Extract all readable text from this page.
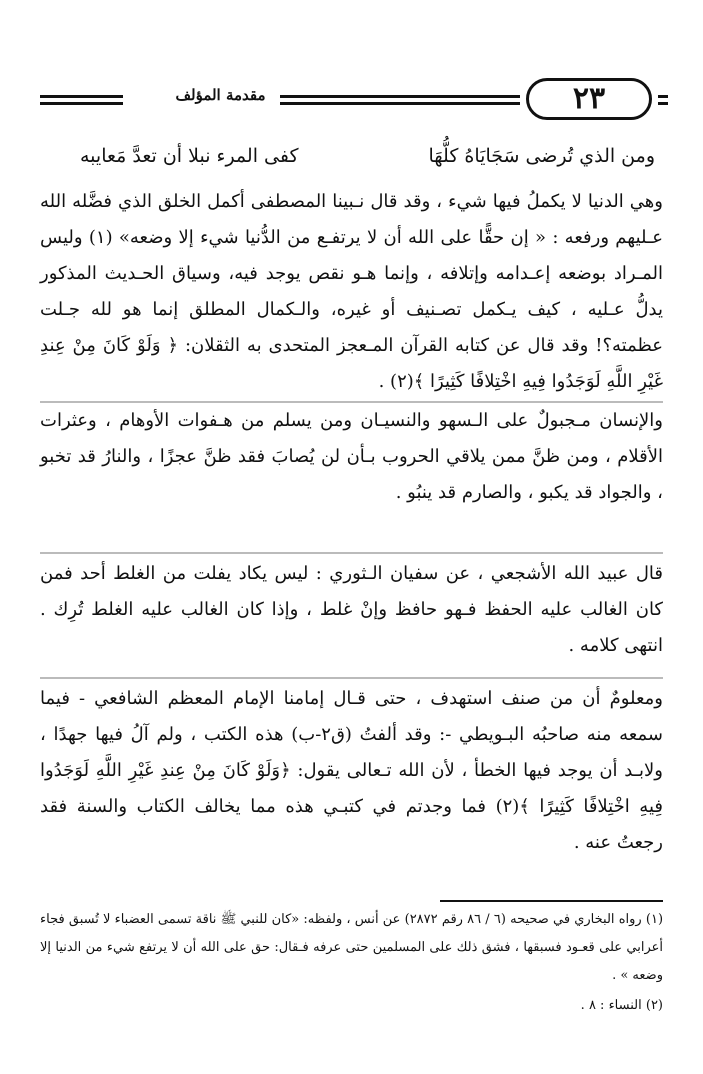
مقدمة المؤلف	٢٣
ومن الذي تُرضى سَجَايَاهُ كلُّهَا
كفى المرء نبلا أن تعدَّ مَعايبه
وهي الدنيا لا يكملُ فيها شيء ، وقد قال نـبينا المصطفى أكمل الخلق الذي فضَّله الله عـليهم ورفعه : « إن حقًّا على الله أن لا يرتفـع من الدُّنيا شيء إلا وضعه» (١) وليس المـراد بوضعه إعـدامه وإتلافه ، وإنما هـو نقص يوجد فيه، وسياق الحـديث المذكور يدلُّ عـليه ، كيف يـكمل تصـنيف أو غيره، والـكمال المطلق إنما هو لله جـلت عظمته؟! وقد قال عن كتابه القرآن المـعجز المتحدى به الثقلان: ﴿ وَلَوْ كَانَ مِنْ عِندِ غَيْرِ اللَّهِ لَوَجَدُوا فِيهِ اخْتِلافًا كَثِيرًا ﴾(٢) .
والإنسان مـجبولٌ على الـسهو والنسيـان ومن يسلم من هـفوات الأوهام ، وعثرات الأقلام ، ومن ظنَّ ممن يلاقي الحروب بـأن لن يُصابَ فقد ظنَّ عجزًا ، والنارُ قد تخبو ، والجواد قد يكبو ، والصارم قد ينبُو .
قال عبيد الله الأشجعي ، عن سفيان الـثوري : ليس يكاد يفلت من الغلط أحد فمن كان الغالب عليه الحفظ فـهو حافظ وإنْ غلط ، وإذا كان الغالب عليه الغلط تُرِك . انتهى كلامه .
ومعلومٌ أن من صنف استهدف ، حتى قـال إمامنا الإمام المعظم الشافعي - فيما سمعه منه صاحبُه البـويطي -: وقد ألفتُ (ق٢-ب) هذه الكتب ، ولم آلُ فيها جهدًا ، ولابـد أن يوجد فيها الخطأ ، لأن الله تـعالى يقول: ﴿وَلَوْ كَانَ مِنْ عِندِ غَيْرِ اللَّهِ لَوَجَدُوا فِيهِ اخْتِلافًا كَثِيرًا ﴾(٢) فما وجدتم في كتبـي هذه مما يخالف الكتاب والسنة فقد رجعتُ عنه .
(١) رواه البخاري في صحيحه (٦ / ٨٦ رقم ٢٨٧٢) عن أنس ، ولفظه: «كان للنبي ﷺ ناقة تسمى العضباء لا تُسبق فجاء أعرابي على قعـود فسبقها ، فشق ذلك على المسلمين حتى عرفه فـقال: حق على الله أن لا يرتفع شيء من الدنيا إلا وضعه » .
(٢) النساء : ٨ .
